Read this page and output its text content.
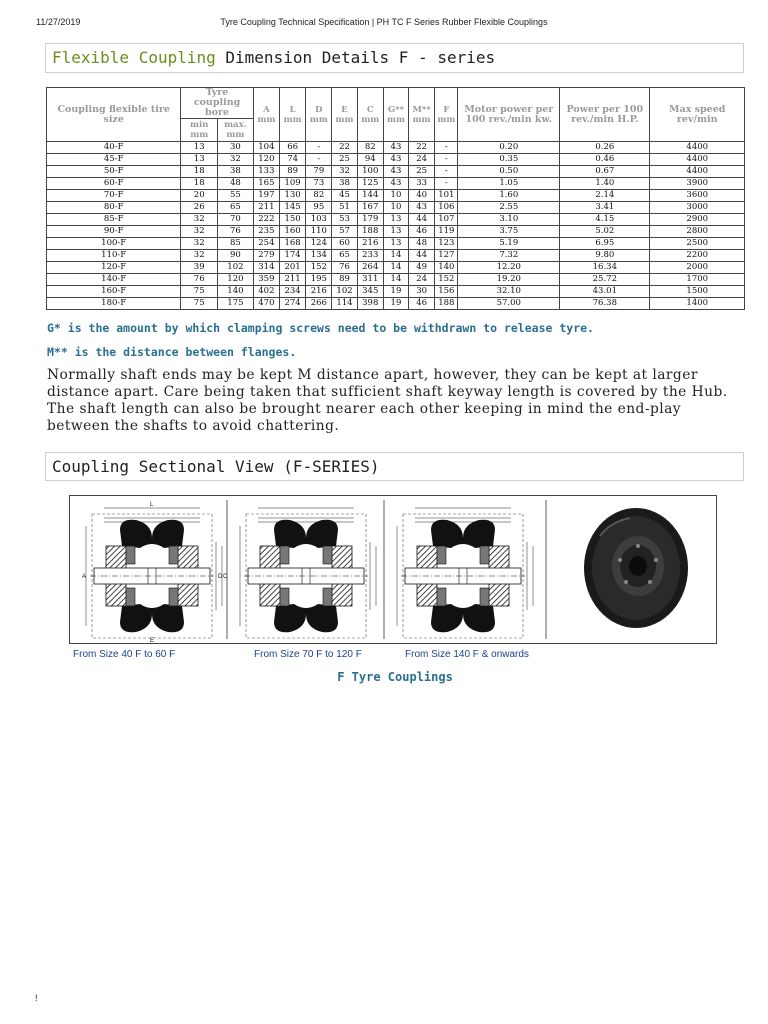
11/27/2019	Tyre Coupling Technical Specification | PH TC F Series Rubber Flexible Couplings
Flexible Coupling Dimension Details F - series
Coupling flexible tire size	Tyre coupling bore		A mm	L mm	D mm	E mm	C mm	G** mm	M** mm	F mm	Motor power per 100 rev./min kw.	Power per 100 rev./min H.P.	Max speed rev/min
	min mm	max. mm											
40-F	13	30	104	66	-	22	82	43	22	-	0.20	0.26	4400
45-F	13	32	120	74	-	25	94	43	24	-	0.35	0.46	4400
50-F	18	38	133	89	79	32	100	43	25	-	0.50	0.67	4400
60-F	18	48	165	109	73	38	125	43	33	-	1.05	1.40	3900
70-F	20	55	197	130	82	45	144	10	40	101	1.60	2.14	3600
80-F	26	65	211	145	95	51	167	10	43	106	2.55	3.41	3000
85-F	32	70	222	150	103	53	179	13	44	107	3.10	4.15	2900
90-F	32	76	235	160	110	57	188	13	46	119	3.75	5.02	2800
100-F	32	85	254	168	124	60	216	13	48	123	5.19	6.95	2500
110-F	32	90	279	174	134	65	233	14	44	127	7.32	9.80	2200
120-F	39	102	314	201	152	76	264	14	49	140	12.20	16.34	2000
140-F	76	120	359	211	195	89	311	14	24	152	19.20	25.72	1700
160-F	75	140	402	234	216	102	345	19	30	156	32.10	43.01	1500
180-F	75	175	470	274	266	114	398	19	46	188	57.00	76.38	1400
G* is the amount by which clamping screws need to be withdrawn to release tyre.
M** is the distance between flanges.
Normally shaft ends may be kept M distance apart, however, they can be kept at larger distance apart. Care being taken that sufficient shaft keyway length is covered by the Hub. The shaft length can also be brought nearer each other keeping in mind the end-play between the shafts to avoid chattering.
Coupling Sectional View (F-SERIES)
L
A	D C
E
From Size 40 F to 60 F	From Size 70 F to 120 F	From Size 140 F & onwards
F Tyre Couplings
!
